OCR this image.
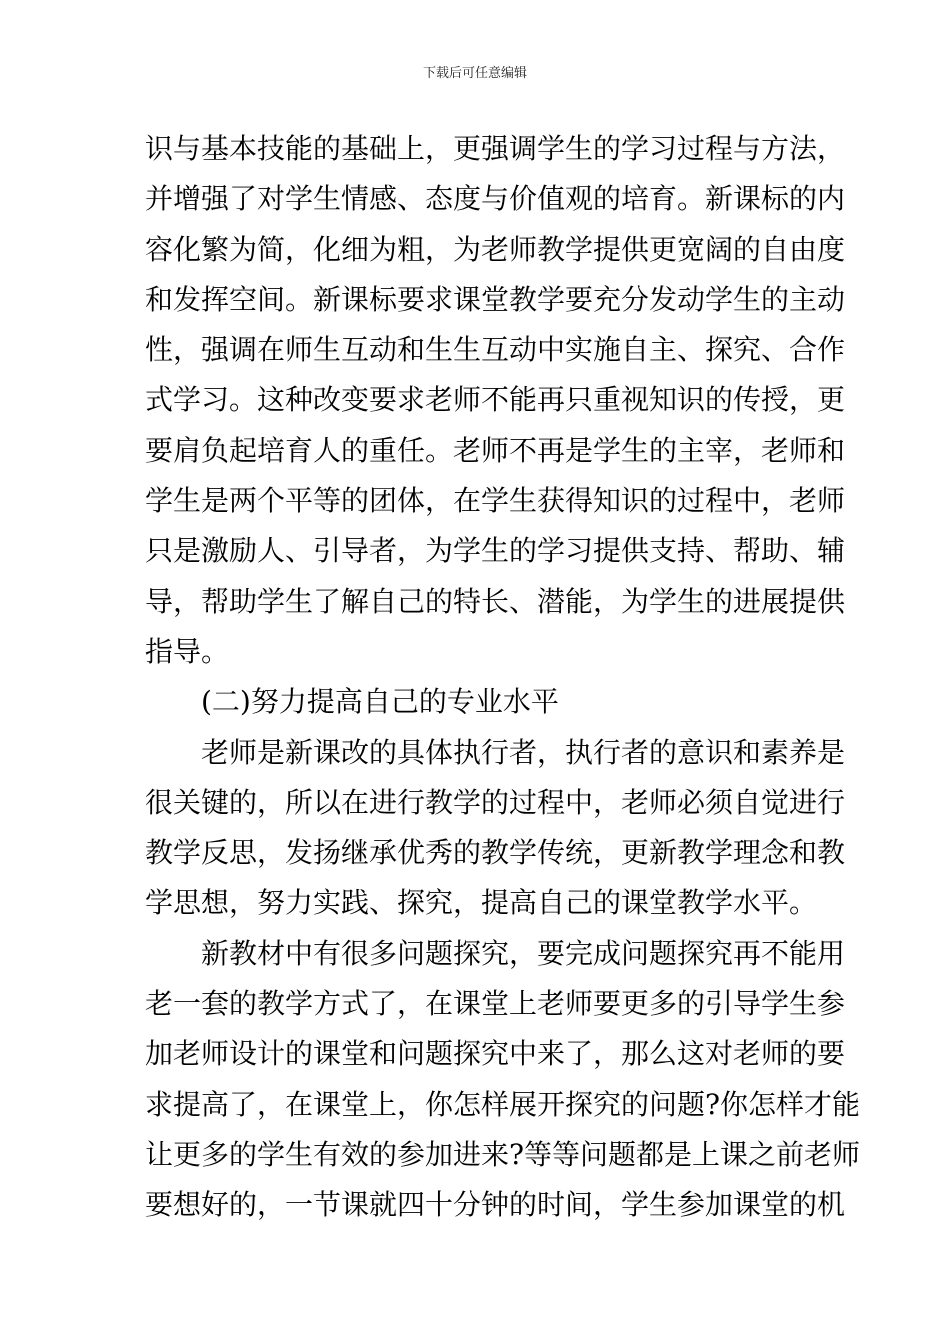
下载后可任意编辑
识与基本技能的基础上，更强调学生的学习过程与方法，
并增强了对学生情感、态度与价值观的培育。新课标的内
容化繁为简，化细为粗，为老师教学提供更宽阔的自由度
和发挥空间。新课标要求课堂教学要充分发动学生的主动
性，强调在师生互动和生生互动中实施自主、探究、合作
式学习。这种改变要求老师不能再只重视知识的传授，更
要肩负起培育人的重任。老师不再是学生的主宰，老师和
学生是两个平等的团体，在学生获得知识的过程中，老师
只是激励人、引导者，为学生的学习提供支持、帮助、辅
导，帮助学生了解自己的特长、潜能，为学生的进展提供
指导。
(二)努力提高自己的专业水平
老师是新课改的具体执行者，执行者的意识和素养是
很关键的，所以在进行教学的过程中，老师必须自觉进行
教学反思，发扬继承优秀的教学传统，更新教学理念和教
学思想，努力实践、探究，提高自己的课堂教学水平。
新教材中有很多问题探究，要完成问题探究再不能用
老一套的教学方式了，在课堂上老师要更多的引导学生参
加老师设计的课堂和问题探究中来了，那么这对老师的要
求提高了，在课堂上，你怎样展开探究的问题?你怎样才能
让更多的学生有效的参加进来?等等问题都是上课之前老师
要想好的，一节课就四十分钟的时间，学生参加课堂的机
